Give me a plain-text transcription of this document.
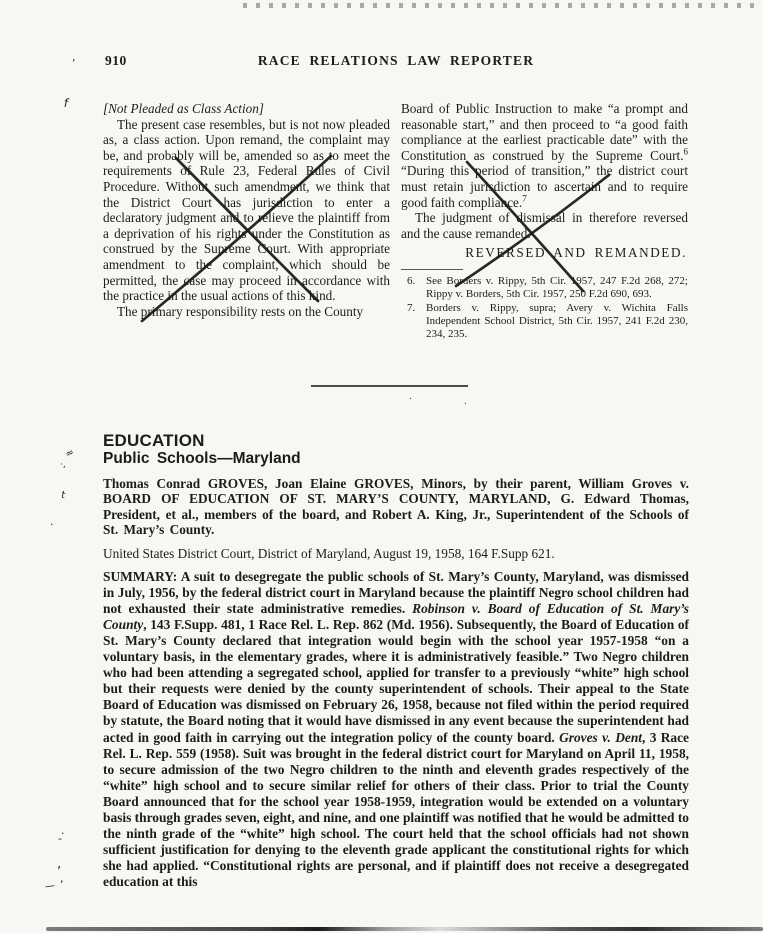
910	RACE RELATIONS LAW REPORTER
[Not Pleaded as Class Action]

The present case resembles, but is not now pleaded as, a class action. Upon remand, the complaint may be, and probably will be, amended so as to meet the requirements of Rule 23, Federal Rules of Civil Procedure. Without such amendment, we think that the District Court has jurisdiction to enter a declaratory judgment and to relieve the plaintiff from a deprivation of his rights under the Constitution as construed by the Supreme Court. With appropriate amendment to the complaint, which should be permitted, the case may proceed in accordance with the practice in the usual actions of this kind.

The primary responsibility rests on the County

Board of Public Instruction to make “a prompt and reasonable start,” and then proceed to “a good faith compliance at the earliest practicable date” with the Constitution as construed by the Supreme Court.$^6$ “During this period of transition,” the district court must retain jurisdiction to ascertain and to require good faith compliance.$^7$

The judgment of dismissal in therefore reversed and the cause remanded.

REVERSED AND REMANDED.
6. See Borders v. Rippy, 5th Cir. 1957, 247 F.2d 268, 272; Rippy v. Borders, 5th Cir. 1957, 250 F.2d 690, 693.
7. Borders v. Rippy, supra; Avery v. Wichita Falls Independent School District, 5th Cir. 1957, 241 F.2d 230, 234, 235.
EDUCATION
Public Schools—Maryland

Thomas Conrad GROVES, Joan Elaine GROVES, Minors, by their parent, William Groves v. BOARD OF EDUCATION OF ST. MARY’S COUNTY, MARYLAND, G. Edward Thomas, President, et al., members of the board, and Robert A. King, Jr., Superintendent of the Schools of St. Mary’s County.

United States District Court, District of Maryland, August 19, 1958, 164 F.Supp 621.

SUMMARY: A suit to desegregate the public schools of St. Mary’s County, Maryland, was dismissed in July, 1956, by the federal district court in Maryland because the plaintiff Negro school children had not exhausted their state administrative remedies. Robinson v. Board of Education of St. Mary’s County, 143 F.Supp. 481, 1 Race Rel. L. Rep. 862 (Md. 1956). Subsequently, the Board of Education of St. Mary’s County declared that integration would begin with the school year 1957-1958 “on a voluntary basis, in the elementary grades, where it is administratively feasible.” Two Negro children who had been attending a segregated school, applied for transfer to a previously “white” high school but their requests were denied by the county superintendent of schools. Their appeal to the State Board of Education was dismissed on February 26, 1958, because not filed within the period required by statute, the Board noting that it would have dismissed in any event because the superintendent had acted in good faith in carrying out the integration policy of the county board. Groves v. Dent, 3 Race Rel. L. Rep. 559 (1958). Suit was brought in the federal district court for Maryland on April 11, 1958, to secure admission of the two Negro children to the ninth and eleventh grades respectively of the “white” high school and to secure similar relief for others of their class. Prior to trial the County Board announced that for the school year 1958-1959, integration would be extended on a voluntary basis through grades seven, eight, and nine, and one plaintiff was notified that he would be admitted to the ninth grade of the “white” high school. The court held that the school officials had not shown sufficient justification for denying to the eleventh grade applicant the constitutional rights for which she had applied. “Constitutional rights are personal, and if plaintiff does not receive a desegregated education at this

’
f
≈
·,
t
.
.	.
·
-
’
,
—
